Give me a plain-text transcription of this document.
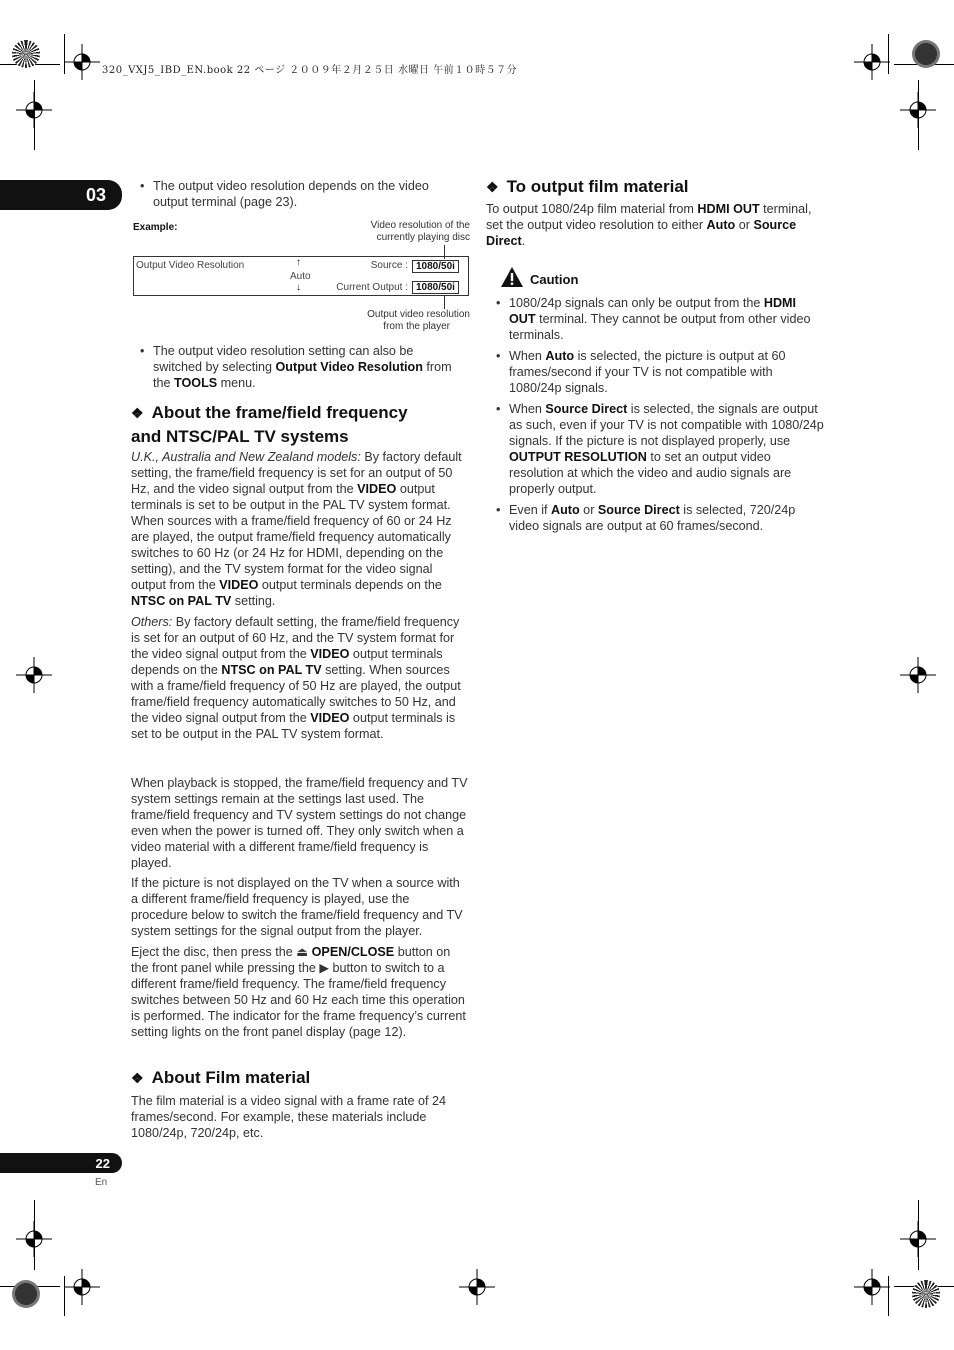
320_VXJ5_IBD_EN.book 22 ページ ２００９年２月２５日 水曜日 午前１０時５７分
03
•	The output video resolution depends on the video output terminal (page 23).
Example:	Video resolution of the
currently playing disc
Output Video Resolution	↑
Auto
↓
Source : 1080/50i
Current Output : 1080/50i
Output video resolution
from the player
• The output video resolution setting can also be switched by selecting Output Video Resolution from the TOOLS menu.
❖ About the frame/field frequency
and NTSC/PAL TV systems

U.K., Australia and New Zealand models: By factory default setting, the frame/field frequency is set for an output of 50 Hz, and the video signal output from the VIDEO output terminals is set to be output in the PAL TV system format. When sources with a frame/field frequency of 60 or 24 Hz are played, the output frame/field frequency automatically switches to 60 Hz (or 24 Hz for HDMI, depending on the setting), and the TV system format for the video signal output from the VIDEO output terminals depends on the NTSC on PAL TV setting.

Others: By factory default setting, the frame/field frequency is set for an output of 60 Hz, and the TV system format for the video signal output from the VIDEO output terminals depends on the NTSC on PAL TV setting. When sources with a frame/field frequency of 50 Hz are played, the output frame/field frequency automatically switches to 50 Hz, and the video signal output from the VIDEO output terminals is set to be output in the PAL TV system format.

When playback is stopped, the frame/field frequency and TV system settings remain at the settings last used. The frame/field frequency and TV system settings do not change even when the power is turned off. They only switch when a video material with a different frame/field frequency is played.

If the picture is not displayed on the TV when a source with a different frame/field frequency is played, use the procedure below to switch the frame/field frequency and TV system settings for the signal output from the player.

Eject the disc, then press the ⏏ OPEN/CLOSE button on the front panel while pressing the ▶ button to switch to a different frame/field frequency. The frame/field frequency switches between 50 Hz and 60 Hz each time this operation is performed. The indicator for the frame frequency’s current setting lights on the front panel display (page 12).

❖ About Film material

The film material is a video signal with a frame rate of 24 frames/second. For example, these materials include 1080/24p, 720/24p, etc.

❖ To output film material

To output 1080/24p film material from HDMI OUT terminal, set the output video resolution to either Auto or Source Direct.

Caution
• 1080/24p signals can only be output from the HDMI OUT terminal. They cannot be output from other video terminals.
• When Auto is selected, the picture is output at 60 frames/second if your TV is not compatible with 1080/24p signals.
• When Source Direct is selected, the signals are output as such, even if your TV is not compatible with 1080/24p signals. If the picture is not displayed properly, use OUTPUT RESOLUTION to set an output video resolution at which the video and audio signals are properly output.
• Even if Auto or Source Direct is selected, 720/24p video signals are output at 60 frames/second.
22
En
